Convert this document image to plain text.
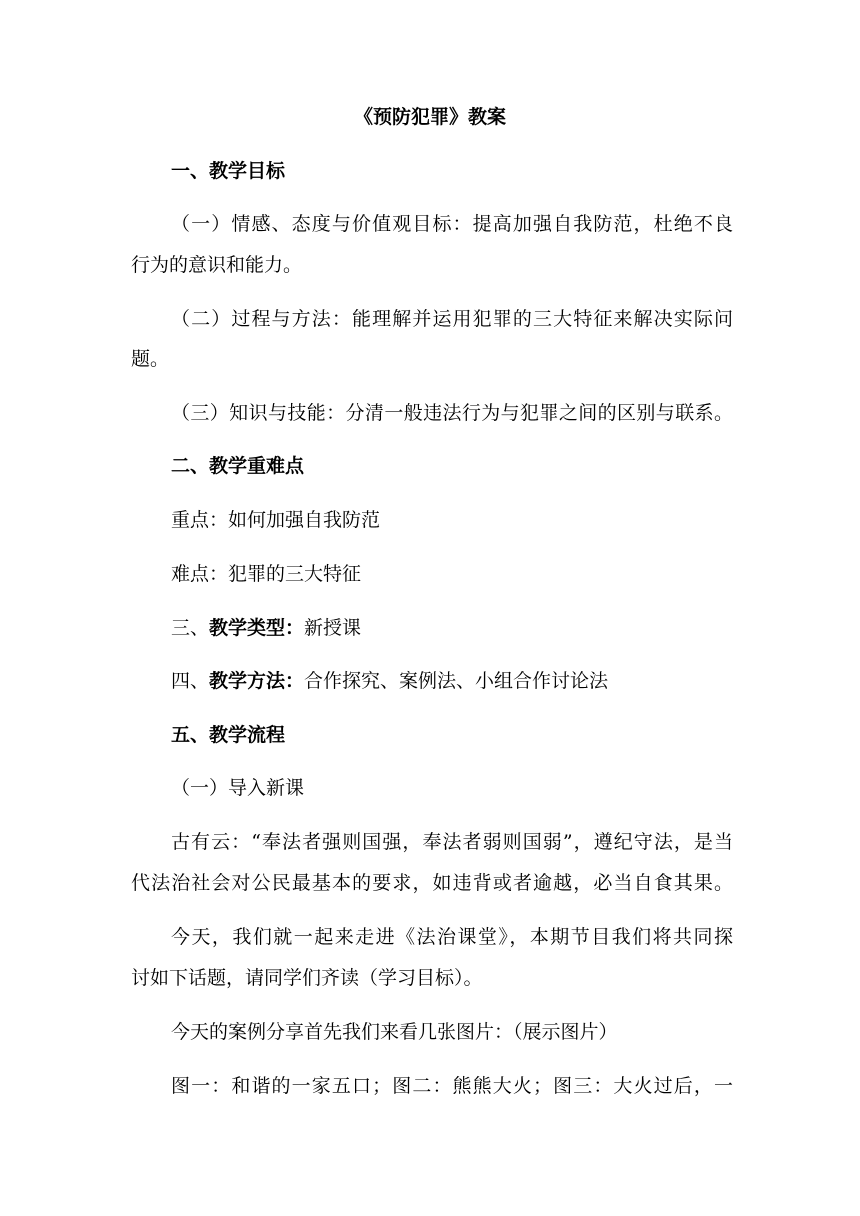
《预防犯罪》教案
一、教学目标
（一）情感、态度与价值观目标：提高加强自我防范，杜绝不良
行为的意识和能力。
（二）过程与方法：能理解并运用犯罪的三大特征来解决实际问
题。
（三）知识与技能：分清一般违法行为与犯罪之间的区别与联系。
二、教学重难点
重点：如何加强自我防范
难点：犯罪的三大特征
三、教学类型：新授课
四、教学方法：合作探究、案例法、小组合作讨论法
五、教学流程
（一）导入新课
古有云：“奉法者强则国强，奉法者弱则国弱”，遵纪守法，是当
代法治社会对公民最基本的要求，如违背或者逾越，必当自食其果。
今天，我们就一起来走进《法治课堂》，本期节目我们将共同探
讨如下话题，请同学们齐读（学习目标）。
今天的案例分享首先我们来看几张图片：（展示图片）
图一：和谐的一家五口；图二：熊熊大火；图三：大火过后，一
